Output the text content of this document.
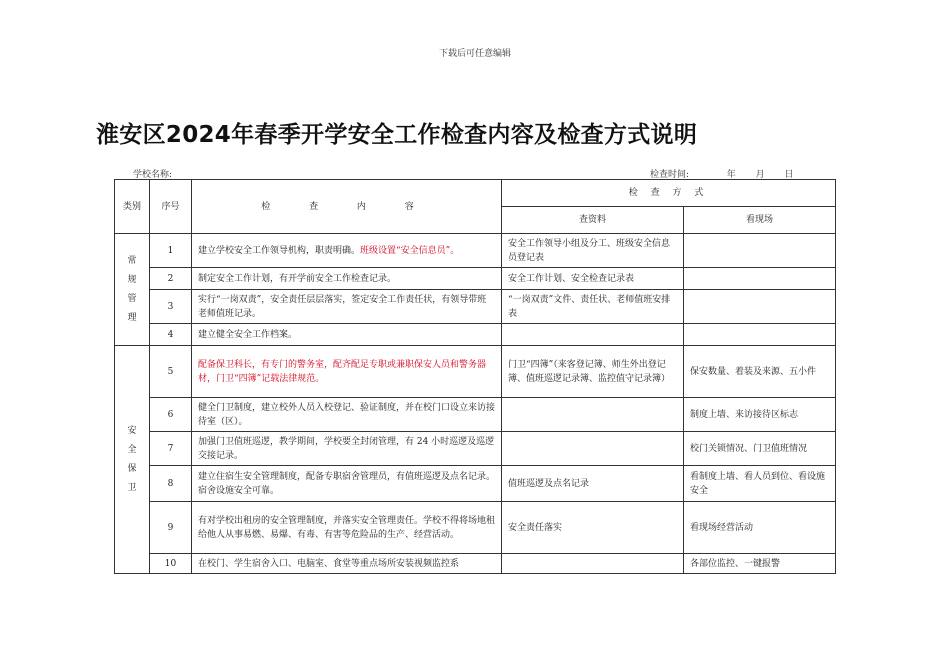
下载后可任意编辑
淮安区2024年春季开学安全工作检查内容及检查方式说明
学校名称:	检查时间:	年 月 日
类别	序号	检 查 内 容	检 查 方 式	
			查资料	看现场

常
规
管
理	1	建立学校安全工作领导机构，职责明确。班级设置“安全信息员”。	安全工作领导小组及分工、班级安全信息员登记表	
	2	制定安全工作计划，有开学前安全工作检查记录。	安全工作计划、安全检查记录表	
	3	实行“一岗双责”，安全责任层层落实，签定安全工作责任状，有领导带班老师值班记录。	“一岗双责”文件、责任状、老师值班安排表	
	4	建立健全安全工作档案。		

安
全
保
卫	5	配备保卫科长，有专门的警务室，配齐配足专职或兼职保安人员和警务器材，门卫“四簿”记载法律规范。	门卫“四簿”（来客登记簿、师生外出登记簿、值班巡逻记录簿、监控值守记录簿）	保安数量、着装及来源、五小件
	6	健全门卫制度，建立校外人员入校登记、验证制度，并在校门口设立来访接待室（区）。		制度上墙、来访接待区标志
	7	加强门卫值班巡逻，教学期间，学校要全封闭管理，有 24 小时巡逻及巡逻交接记录。		校门关锁情况、门卫值班情况
	8	建立住宿生安全管理制度，配备专职宿舍管理员，有值班巡逻及点名记录。宿舍设施安全可靠。	值班巡逻及点名记录	看制度上墙、看人员到位、看设施安全
	9	有对学校出租房的安全管理制度，并落实安全管理责任。学校不得将场地租给他人从事易燃、易爆、有毒、有害等危险品的生产、经营活动。	安全责任落实	看现场经营活动
	10	在校门、学生宿舍入口、电脑室、食堂等重点场所安装视频监控系		各部位监控、一键报警
